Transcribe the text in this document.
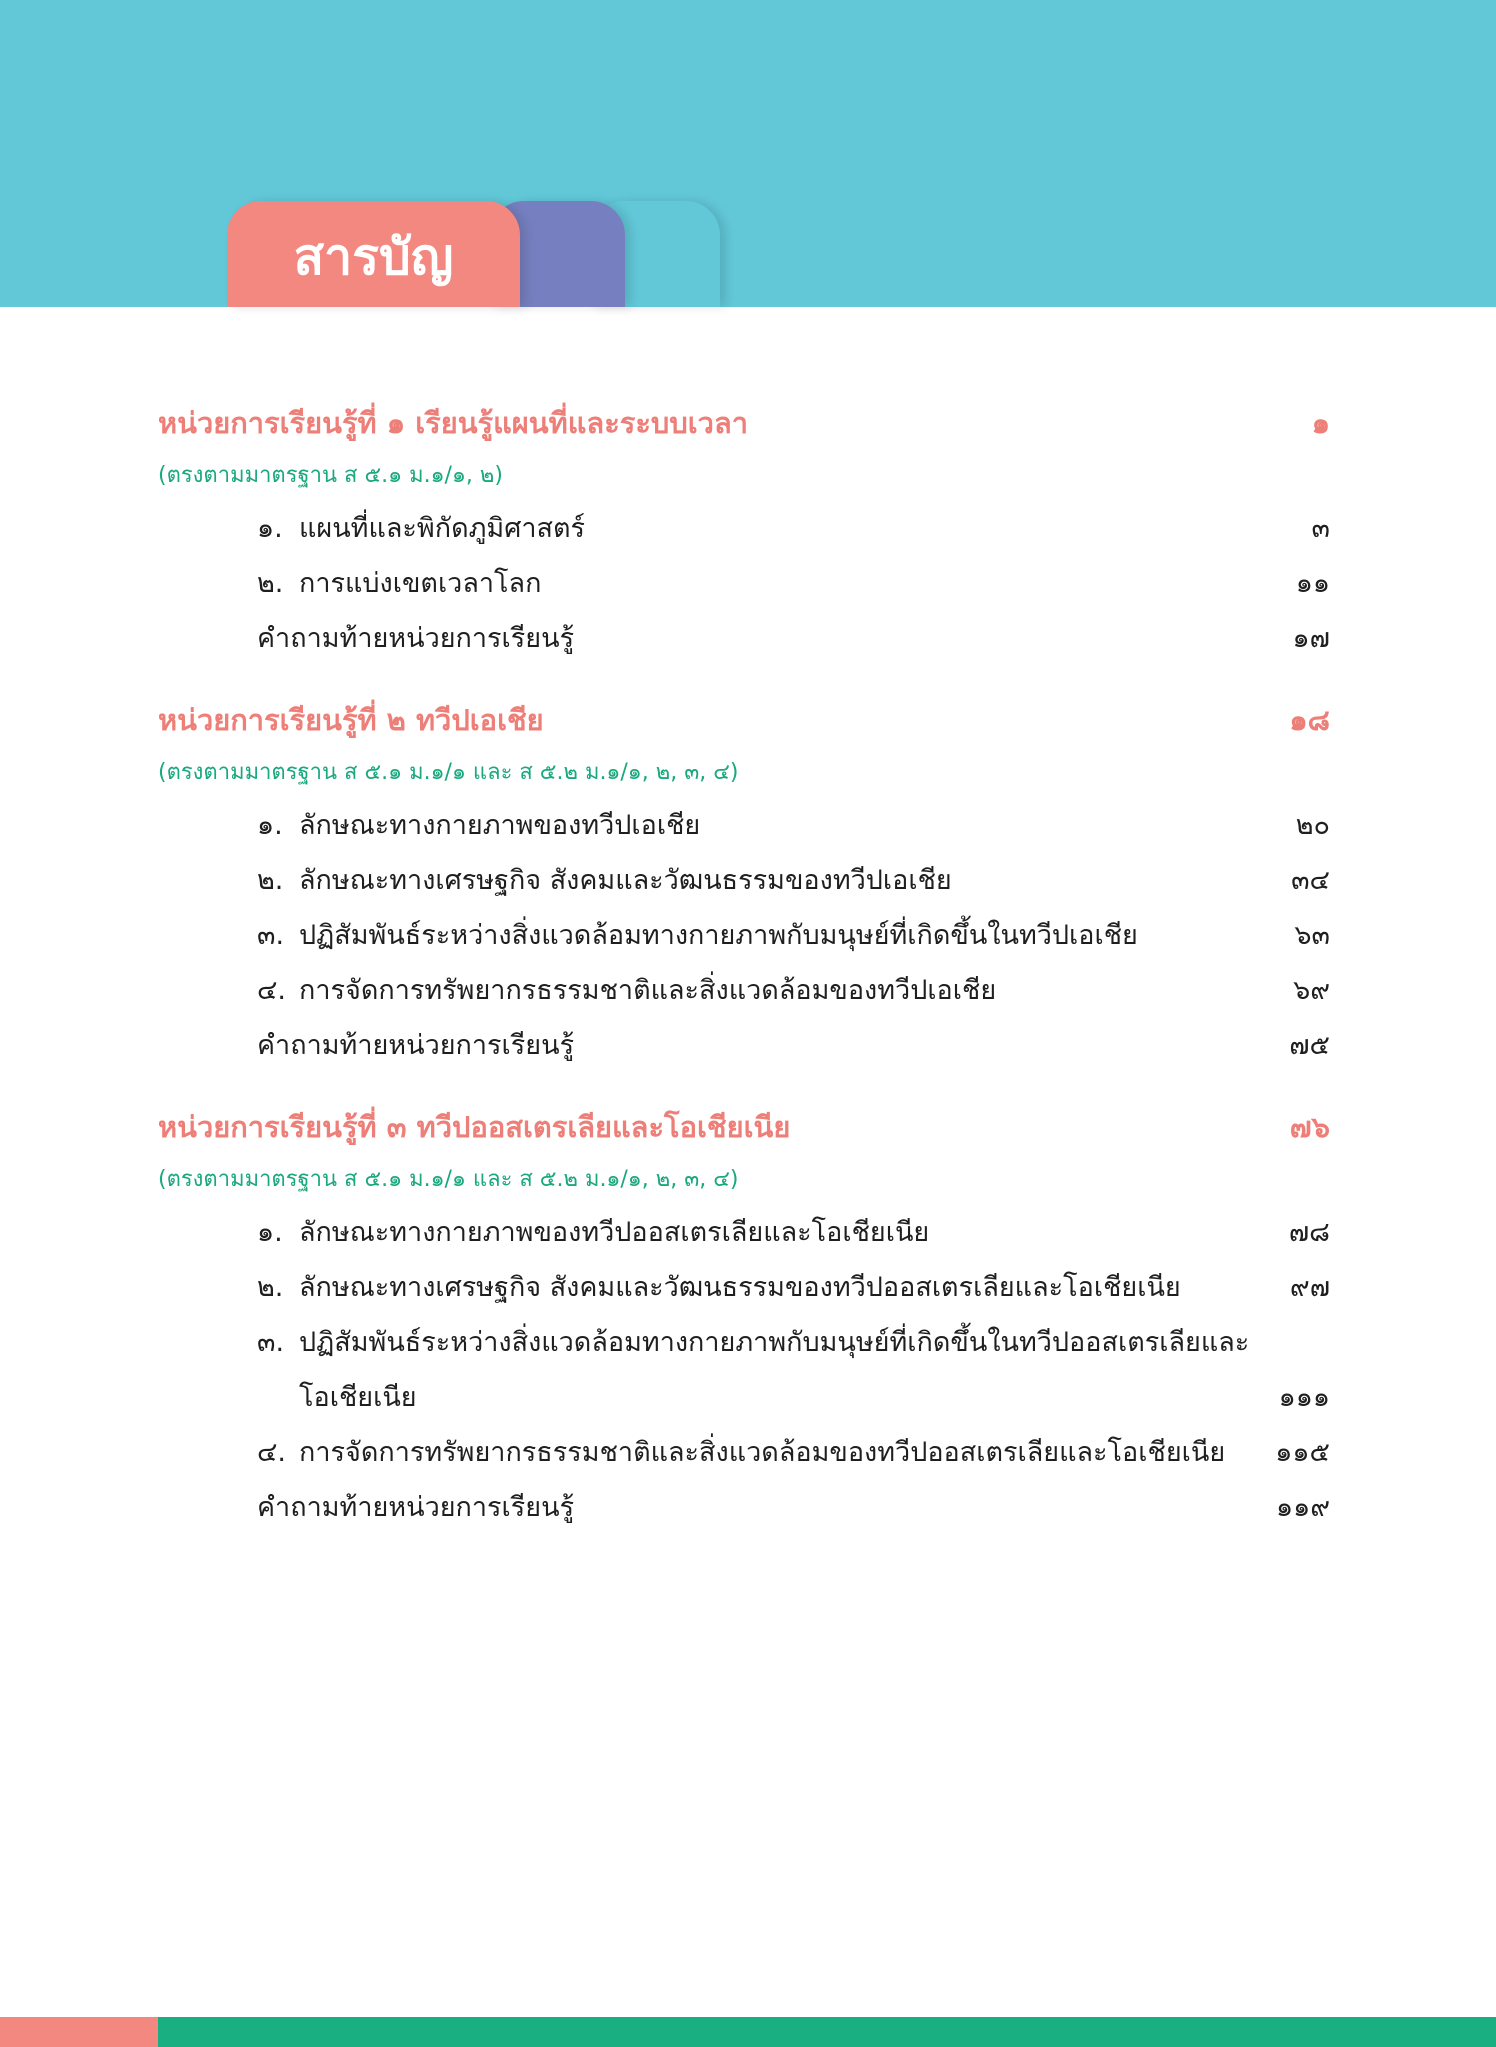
สารบัญ
หน่วยการเรียนรู้ที่ ๑ เรียนรู้แผนที่และระบบเวลา	๑
(ตรงตามมาตรฐาน ส ๕.๑ ม.๑/๑, ๒)
๑. แผนที่และพิกัดภูมิศาสตร์	๓
๒. การแบ่งเขตเวลาโลก	๑๑
คำถามท้ายหน่วยการเรียนรู้	๑๗
หน่วยการเรียนรู้ที่ ๒ ทวีปเอเชีย	๑๘
(ตรงตามมาตรฐาน ส ๕.๑ ม.๑/๑ และ ส ๕.๒ ม.๑/๑, ๒, ๓, ๔)
๑. ลักษณะทางกายภาพของทวีปเอเชีย	๒๐
๒. ลักษณะทางเศรษฐกิจ สังคมและวัฒนธรรมของทวีปเอเชีย	๓๔
๓. ปฏิสัมพันธ์ระหว่างสิ่งแวดล้อมทางกายภาพกับมนุษย์ที่เกิดขึ้นในทวีปเอเชีย	๖๓
๔. การจัดการทรัพยากรธรรมชาติและสิ่งแวดล้อมของทวีปเอเชีย	๖๙
คำถามท้ายหน่วยการเรียนรู้	๗๕
หน่วยการเรียนรู้ที่ ๓ ทวีปออสเตรเลียและโอเชียเนีย	๗๖
(ตรงตามมาตรฐาน ส ๕.๑ ม.๑/๑ และ ส ๕.๒ ม.๑/๑, ๒, ๓, ๔)
๑. ลักษณะทางกายภาพของทวีปออสเตรเลียและโอเชียเนีย	๗๘
๒. ลักษณะทางเศรษฐกิจ สังคมและวัฒนธรรมของทวีปออสเตรเลียและโอเชียเนีย	๙๗
๓. ปฏิสัมพันธ์ระหว่างสิ่งแวดล้อมทางกายภาพกับมนุษย์ที่เกิดขึ้นในทวีปออสเตรเลียและโอเชียเนีย	๑๑๑
๔. การจัดการทรัพยากรธรรมชาติและสิ่งแวดล้อมของทวีปออสเตรเลียและโอเชียเนีย ๑๑๕
คำถามท้ายหน่วยการเรียนรู้	๑๑๙
